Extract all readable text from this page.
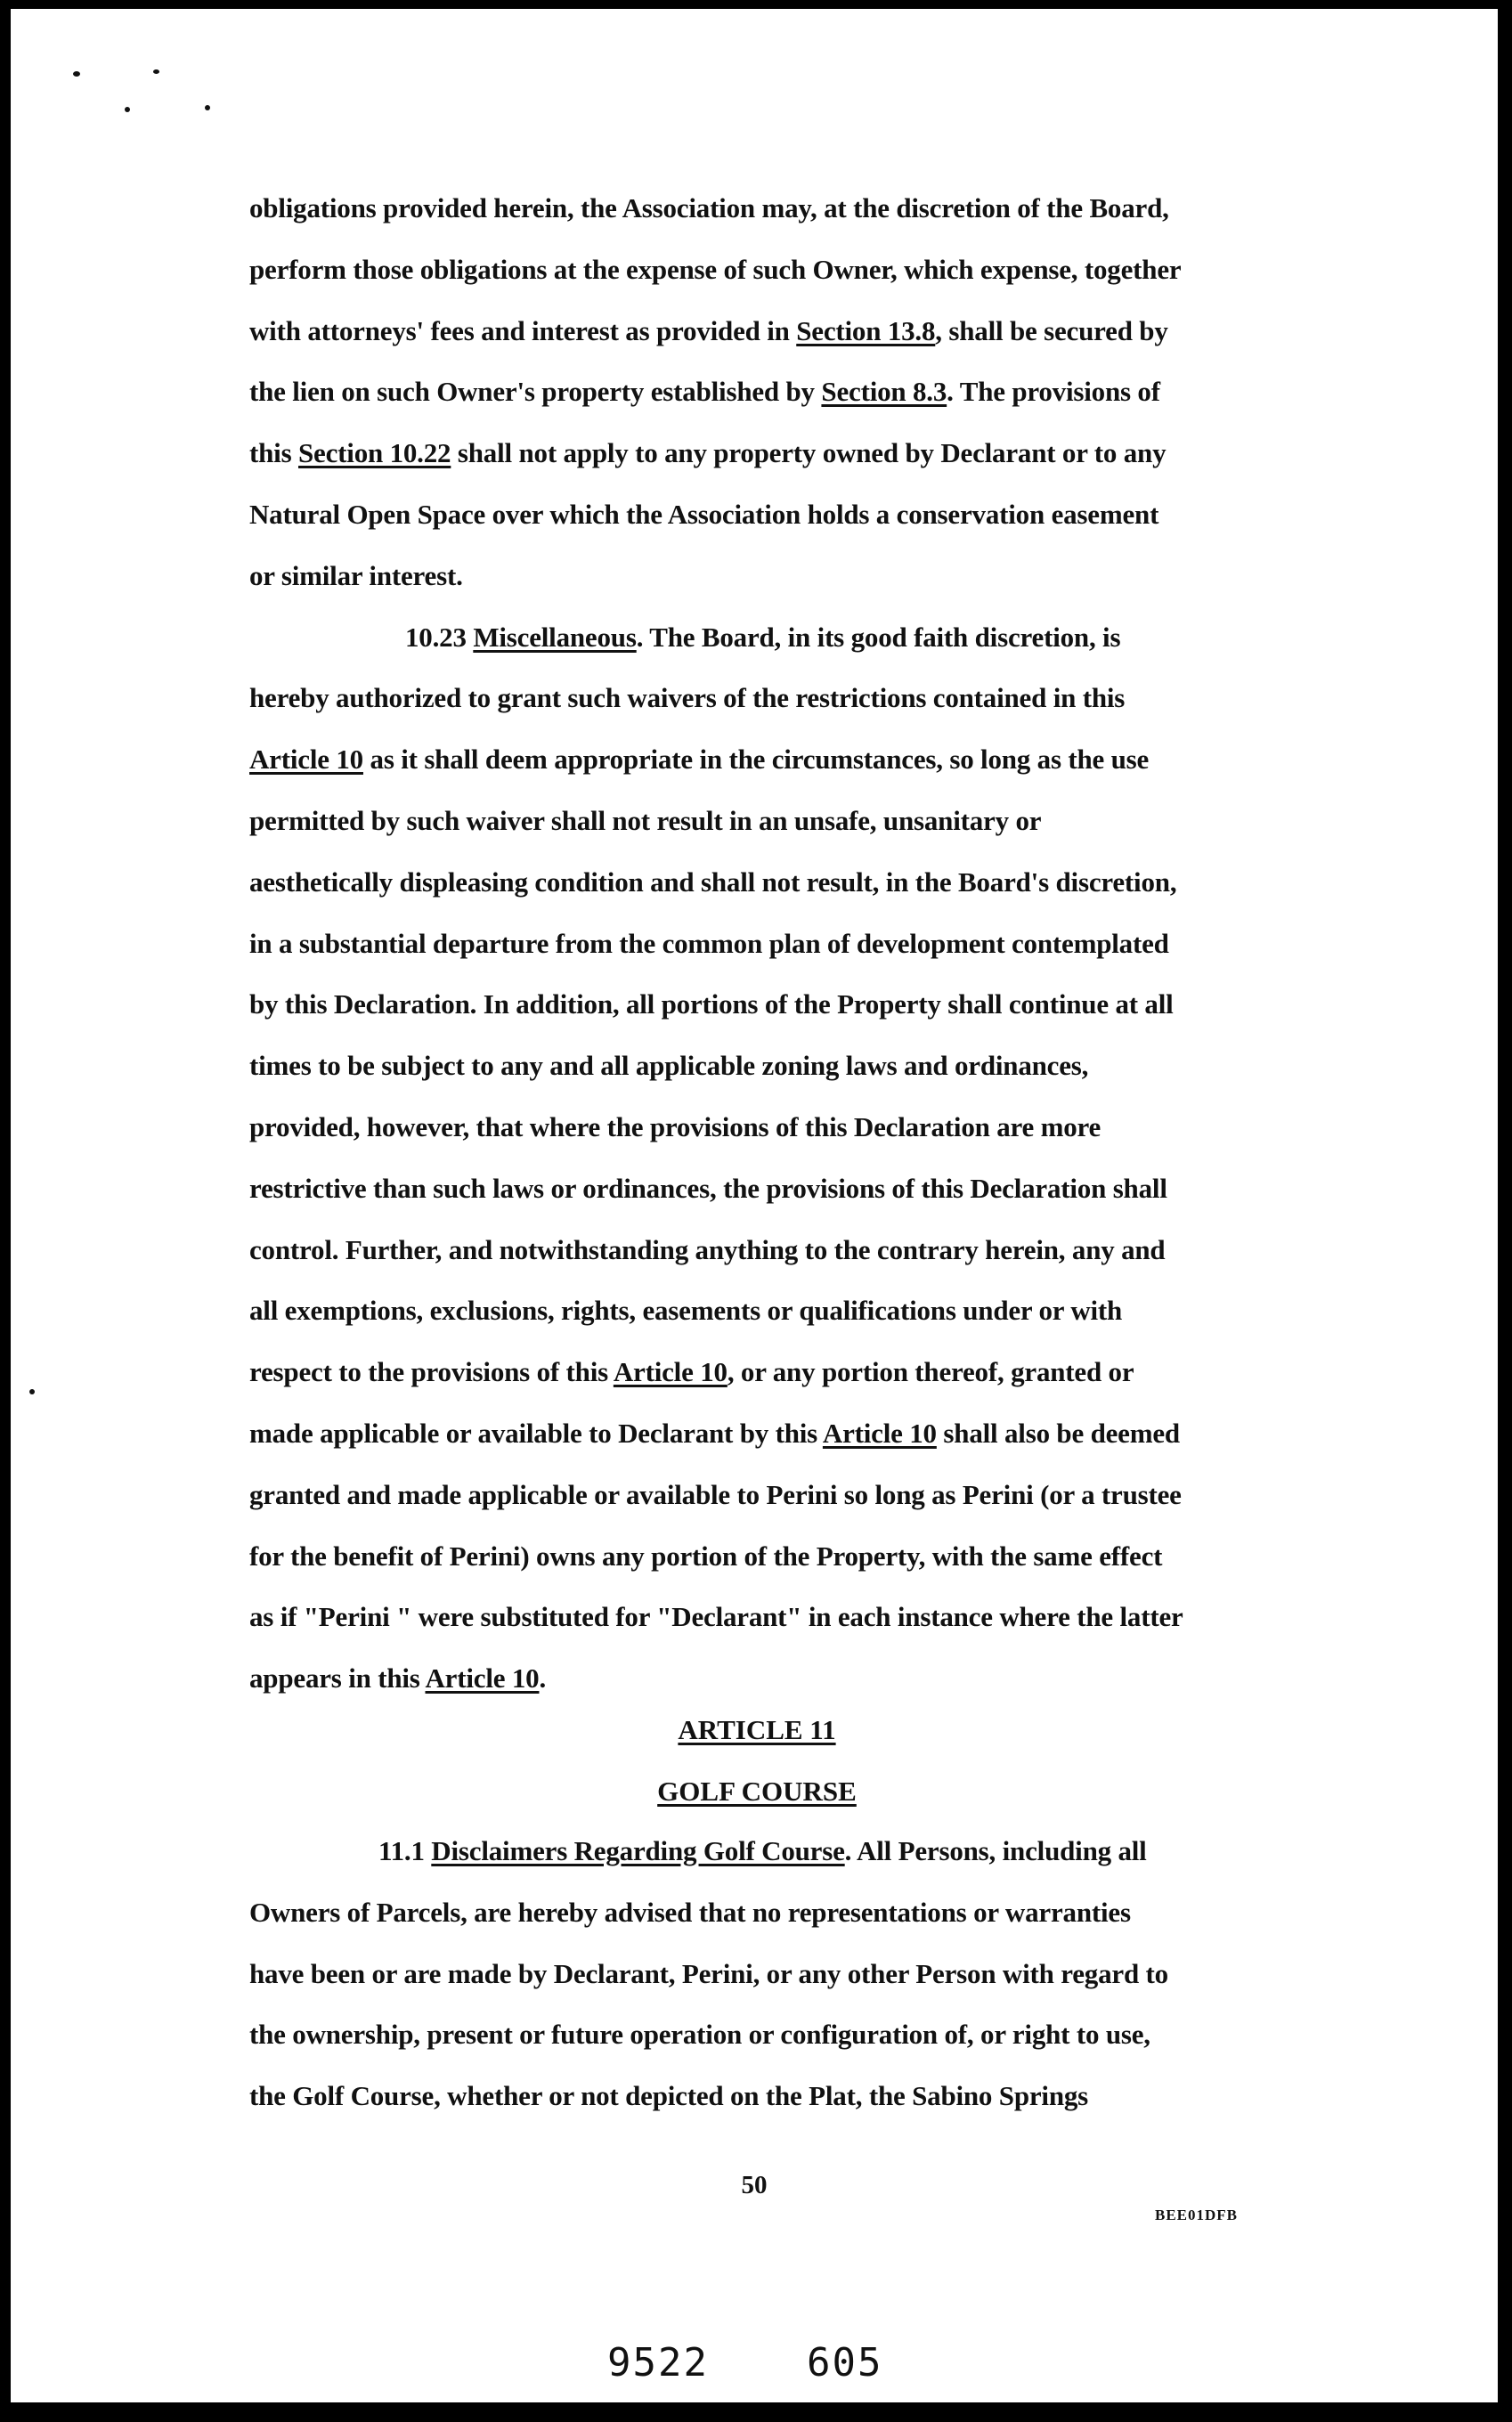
obligations provided herein, the Association may, at the discretion of the Board,
perform those obligations at the expense of such Owner, which expense, together
with attorneys' fees and interest as provided in Section 13.8, shall be secured by
the lien on such Owner's property established by Section 8.3. The provisions of
this Section 10.22 shall not apply to any property owned by Declarant or to any
Natural Open Space over which the Association holds a conservation easement
or similar interest.
10.23 Miscellaneous. The Board, in its good faith discretion, is
hereby authorized to grant such waivers of the restrictions contained in this
Article 10 as it shall deem appropriate in the circumstances, so long as the use
permitted by such waiver shall not result in an unsafe, unsanitary or
aesthetically displeasing condition and shall not result, in the Board's discretion,
in a substantial departure from the common plan of development contemplated
by this Declaration. In addition, all portions of the Property shall continue at all
times to be subject to any and all applicable zoning laws and ordinances,
provided, however, that where the provisions of this Declaration are more
restrictive than such laws or ordinances, the provisions of this Declaration shall
control. Further, and notwithstanding anything to the contrary herein, any and
all exemptions, exclusions, rights, easements or qualifications under or with
respect to the provisions of this Article 10, or any portion thereof, granted or
made applicable or available to Declarant by this Article 10 shall also be deemed
granted and made applicable or available to Perini so long as Perini (or a trustee
for the benefit of Perini) owns any portion of the Property, with the same effect
as if "Perini " were substituted for "Declarant" in each instance where the latter
appears in this Article 10.
ARTICLE 11
GOLF COURSE
11.1 Disclaimers Regarding Golf Course. All Persons, including all
Owners of Parcels, are hereby advised that no representations or warranties
have been or are made by Declarant, Perini, or any other Person with regard to
the ownership, present or future operation or configuration of, or right to use,
the Golf Course, whether or not depicted on the Plat, the Sabino Springs
50
BEE01DFB
9522	605
